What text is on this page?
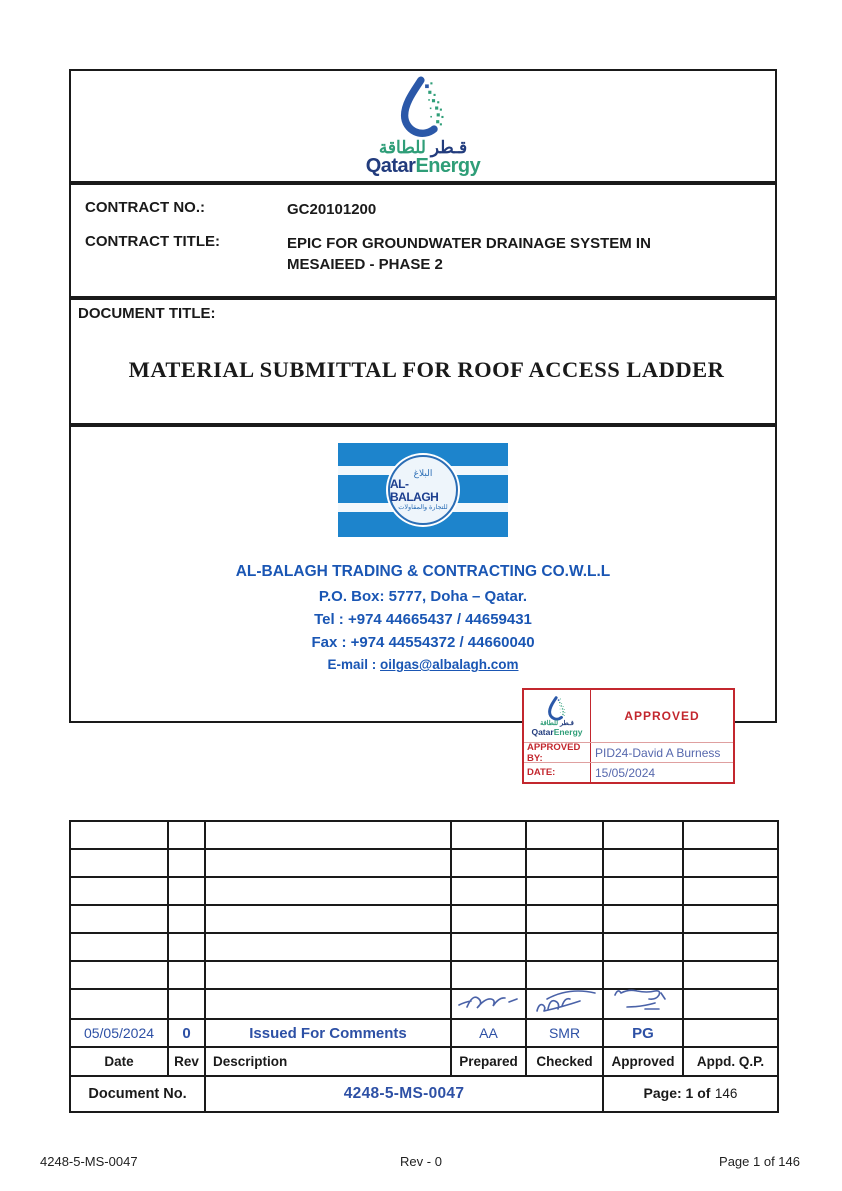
قـطر للطاقة
QatarEnergy
CONTRACT NO.:	GC20101200
CONTRACT TITLE:	EPIC FOR GROUNDWATER DRAINAGE SYSTEM IN MESAIEED - PHASE 2
DOCUMENT TITLE:
MATERIAL SUBMITTAL FOR ROOF ACCESS LADDER
البلاغ
AL-BALAGH
للتجارة والمقاولات
AL-BALAGH TRADING & CONTRACTING CO.W.L.L
P.O. Box: 5777, Doha – Qatar.
Tel : +974 44665437 / 44659431
Fax : +974 44554372 / 44660040
E-mail : oilgas@albalagh.com
قـطر للطاقة
QatarEnergy
APPROVED
APPROVED BY:	PID24-David A Burness
DATE:	15/05/2024

05/05/2024	0	Issued For Comments	AA	SMR	PG	
Date	Rev	Description	Prepared	Checked	Approved	Appd. Q.P.
Document No.		4248-5-MS-0047			Page: 1 of 146	
Rev - 0
4248-5-MS-0047	Page 1 of 146
